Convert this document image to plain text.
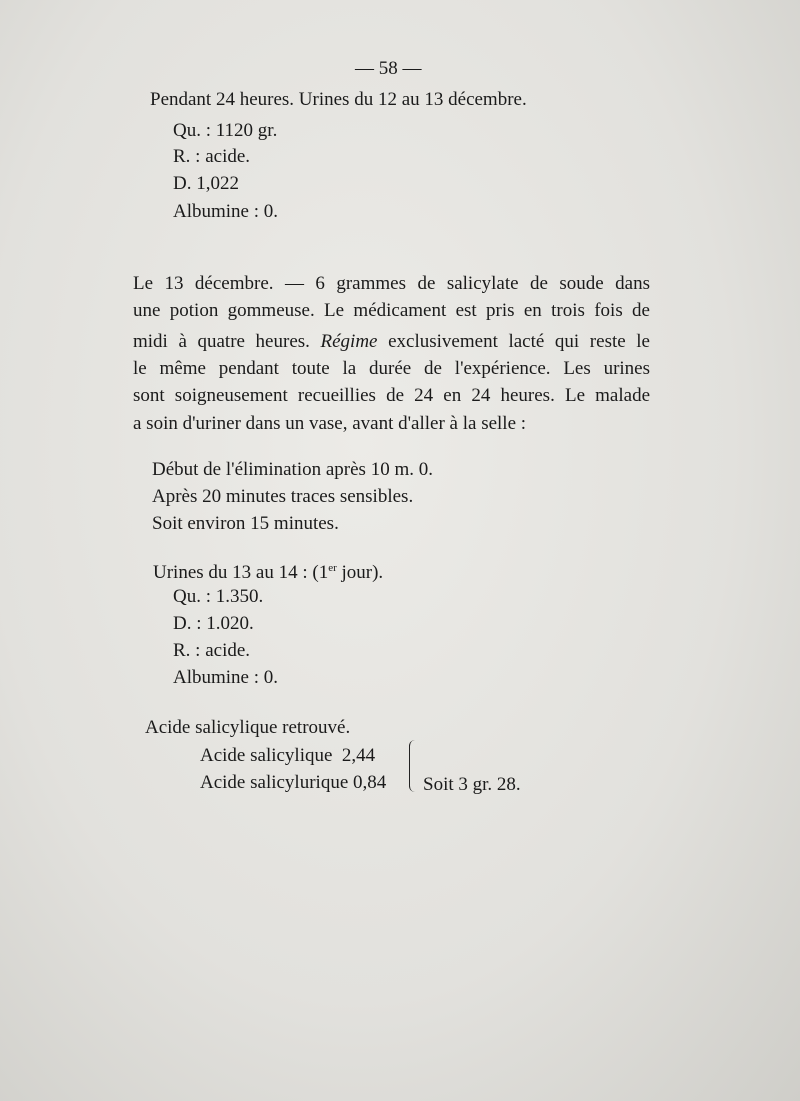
— 58 —
Pendant 24 heures. Urines du 12 au 13 décembre.
Qu. : 1120 gr.
R. : acide.
D. 1,022
Albumine : 0.
Le 13 décembre. — 6 grammes de salicylate de soude dans
une potion gommeuse. Le médicament est pris en trois fois de
midi à quatre heures. Régime exclusivement lacté qui reste le
le même pendant toute la durée de l'expérience. Les urines
sont soigneusement recueillies de 24 en 24 heures. Le malade
a soin d'uriner dans un vase, avant d'aller à la selle :
Début de l'élimination après 10 m. 0.
Après 20 minutes traces sensibles.
Soit environ 15 minutes.
Urines du 13 au 14 : (1er jour).
Qu. : 1.350.
D. : 1.020.
R. : acide.
Albumine : 0.
Acide salicylique retrouvé.
Acide salicylique  2,44
Acide salicylurique 0,84 Soit 3 gr. 28.
